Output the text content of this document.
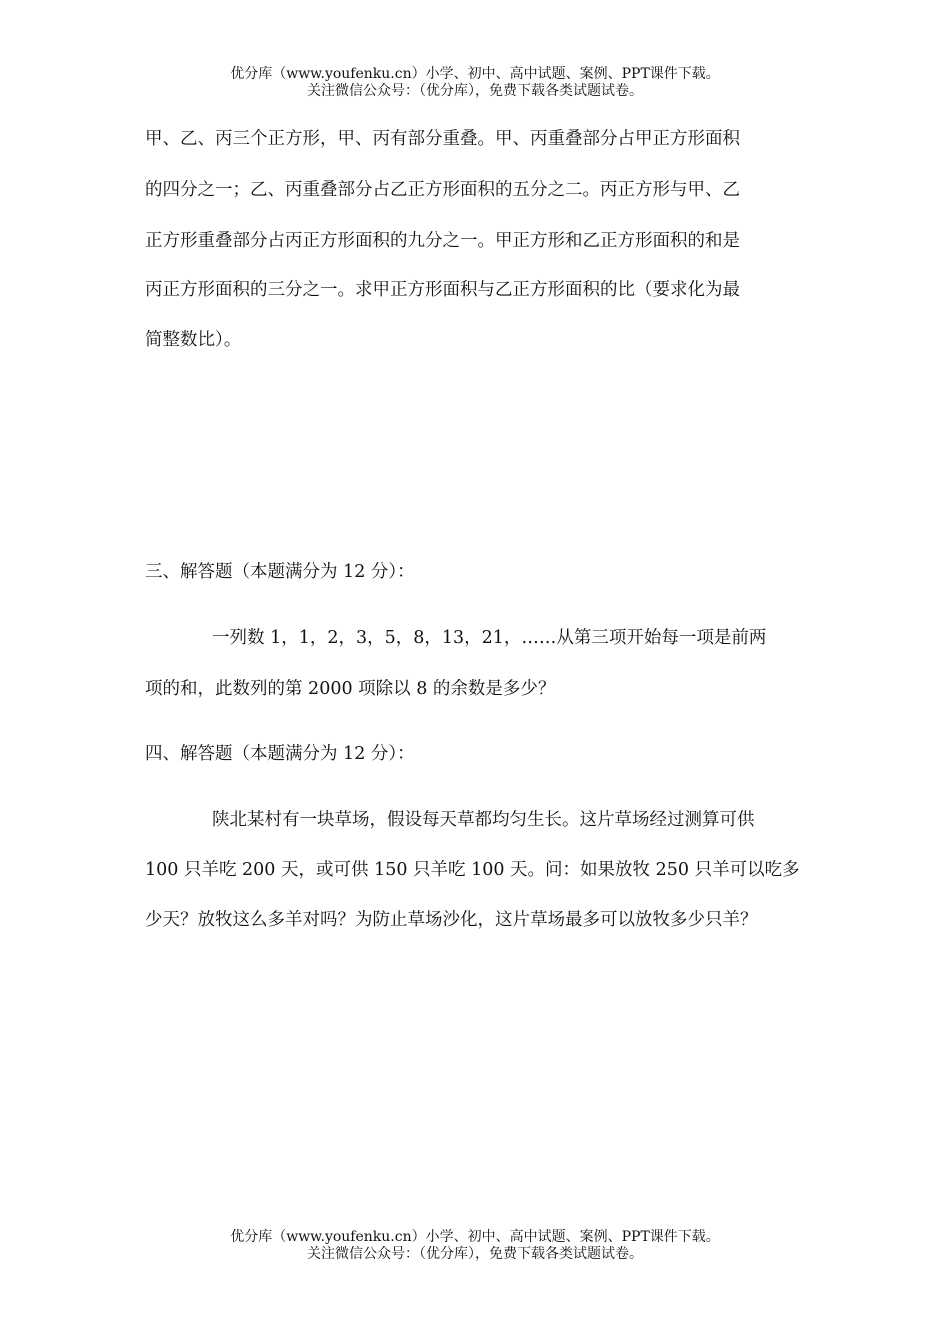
优分库（www.youfenku.cn）小学、初中、高中试题、案例、PPT课件下载。
关注微信公众号：（优分库），免费下载各类试题试卷。
甲、乙、丙三个正方形，甲、丙有部分重叠。甲、丙重叠部分占甲正方形面积
的四分之一；乙、丙重叠部分占乙正方形面积的五分之二。丙正方形与甲、乙
正方形重叠部分占丙正方形面积的九分之一。甲正方形和乙正方形面积的和是
丙正方形面积的三分之一。求甲正方形面积与乙正方形面积的比（要求化为最
简整数比）。
三、解答题（本题满分为 12 分）：
一列数 1，1，2，3，5，8，13，21，……从第三项开始每一项是前两
项的和，此数列的第 2000 项除以 8 的余数是多少？
四、解答题（本题满分为 12 分）：
陕北某村有一块草场，假设每天草都均匀生长。这片草场经过测算可供
100 只羊吃 200 天，或可供 150 只羊吃 100 天。问：如果放牧 250 只羊可以吃多
少天？放牧这么多羊对吗？为防止草场沙化，这片草场最多可以放牧多少只羊？
优分库（www.youfenku.cn）小学、初中、高中试题、案例、PPT课件下载。
关注微信公众号：（优分库），免费下载各类试题试卷。
